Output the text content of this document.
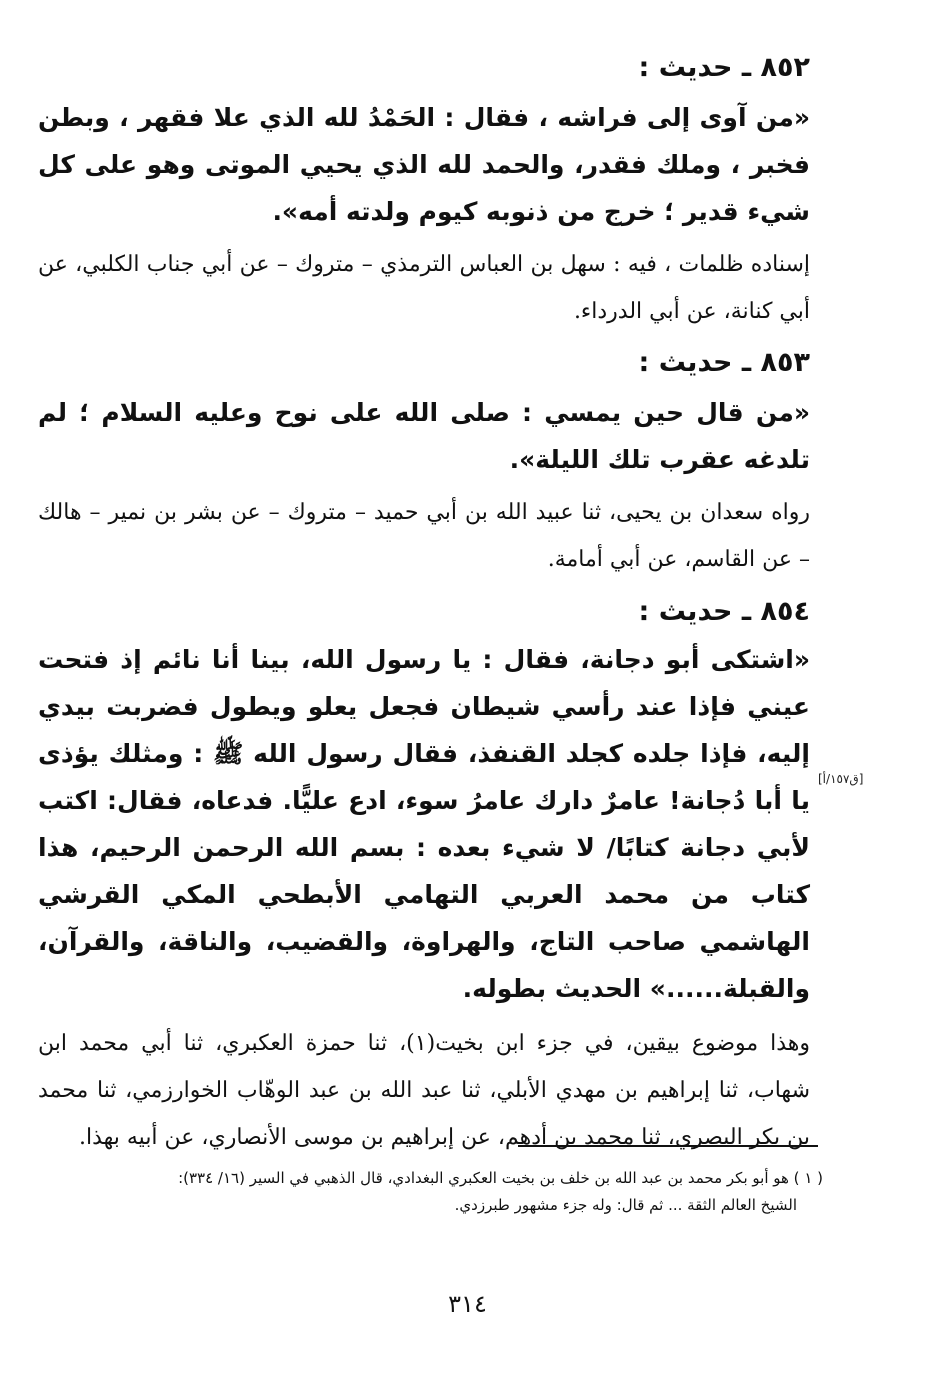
٨٥٢ ـ حديث :
«من آوى إلى فراشه ، فقال : الحَمْدُ لله الذي علا فقهر ، وبطن فخبر ، وملك فقدر، والحمد لله الذي يحيي الموتى وهو على كل شيء قدير ؛ خرج من ذنوبه كيوم ولدته أمه».
إسناده ظلمات ، فيه : سهل بن العباس الترمذي – متروك – عن أبي جناب الكلبي، عن أبي كنانة، عن أبي الدرداء.
٨٥٣ ـ حديث :
«من قال حين يمسي : صلى الله على نوح وعليه السلام ؛ لم تلدغه عقرب تلك الليلة».
رواه سعدان بن يحيى، ثنا عبيد الله بن أبي حميد – متروك – عن بشر بن نمير – هالك – عن القاسم، عن أبي أمامة.
٨٥٤ ـ حديث :
«اشتكى أبو دجانة، فقال : يا رسول الله، بينا أنا نائم إذ فتحت عيني فإذا عند رأسي شيطان فجعل يعلو ويطول فضربت بيدي إليه، فإذا جلده كجلد القنفذ، فقال رسول الله ﷺ : ومثلك يؤذى يا أبا دُجانة! عامرٌ دارك عامرُ سوء، ادع عليًّا. فدعاه، فقال: اكتب لأبي دجانة كتابًا/ لا شيء بعده : بسم الله الرحمن الرحيم، هذا كتاب من محمد العربي التهامي الأبطحي المكي القرشي الهاشمي صاحب التاج، والهراوة، والقضيب، والناقة، والقرآن، والقبلة......» الحديث بطوله.
وهذا موضوع بيقين، في جزء ابن بخيت(١)، ثنا حمزة العكبري، ثنا أبي محمد ابن شهاب، ثنا إبراهيم بن مهدي الأبلي، ثنا عبد الله بن عبد الوهّاب الخوارزمي، ثنا محمد بن بكر البصري، ثنا محمد بن أدهم، عن إبراهيم بن موسى الأنصاري، عن أبيه بهذا.
[ق١٥٧/أ]
( ١ ) هو أبو بكر محمد بن عبد الله بن خلف بن بخيت العكبري البغدادي، قال الذهبي في السير (١٦/ ٣٣٤):
الشيخ العالم الثقة ... ثم قال: وله جزء مشهور طبرزدي.
٣١٤
